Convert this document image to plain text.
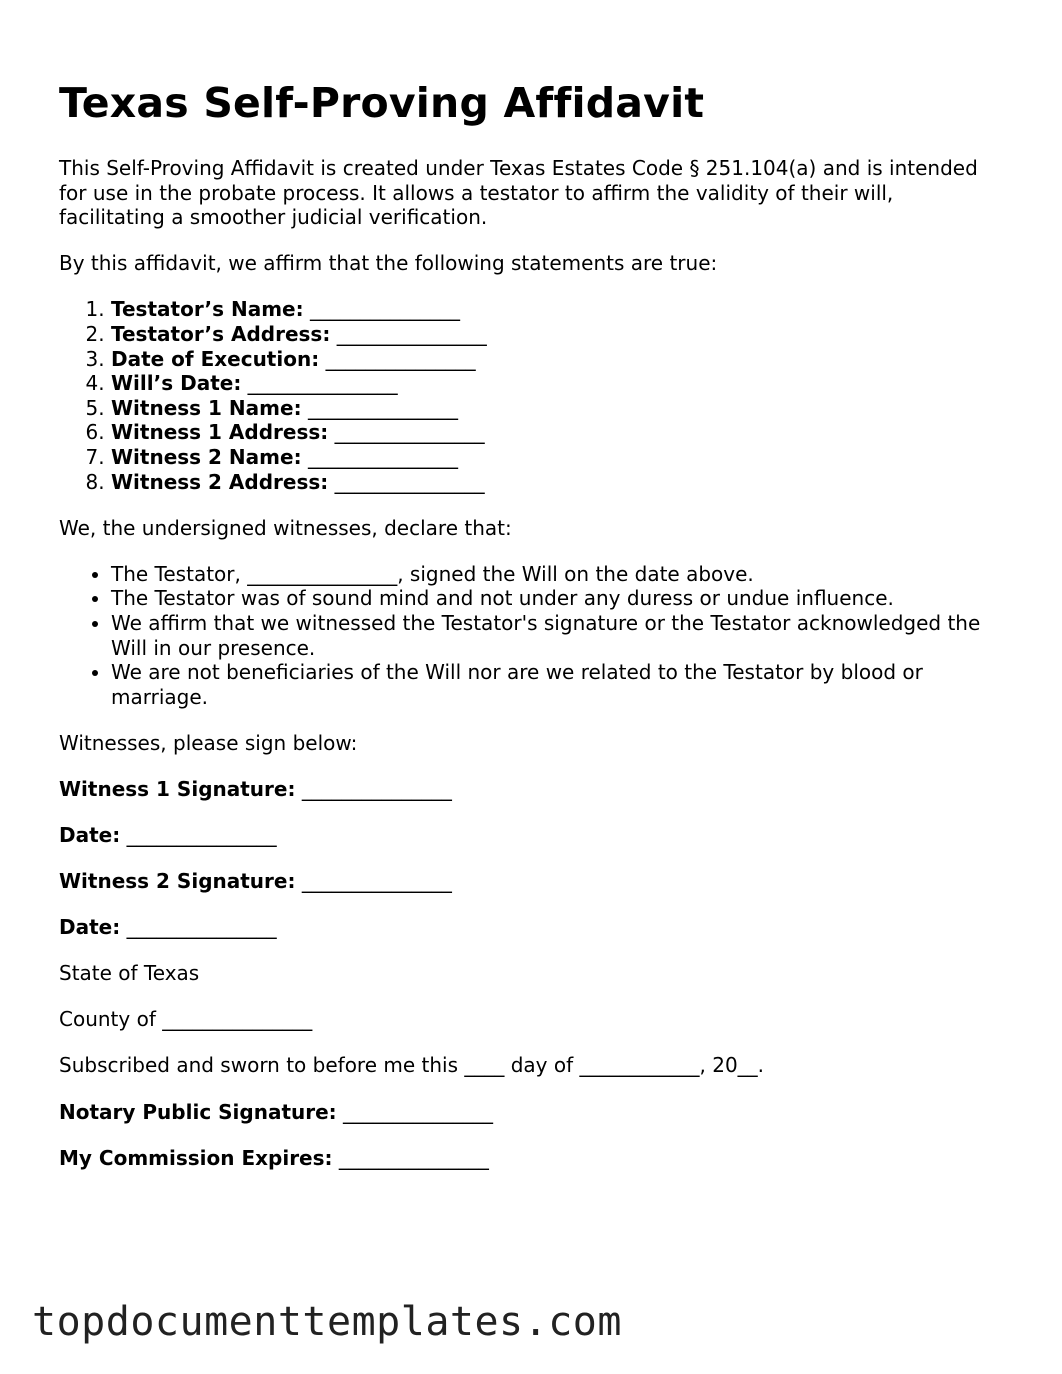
Texas Self-Proving Affidavit

This Self-Proving Affidavit is created under Texas Estates Code § 251.104(a) and is intended for use in the probate process. It allows a testator to affirm the validity of their will, facilitating a smoother judicial verification.

By this affidavit, we affirm that the following statements are true:

1. Testator’s Name: _______________
2. Testator’s Address: _______________
3. Date of Execution: _______________
4. Will’s Date: _______________
5. Witness 1 Name: _______________
6. Witness 1 Address: _______________
7. Witness 2 Name: _______________
8. Witness 2 Address: _______________

We, the undersigned witnesses, declare that:

• The Testator, _______________, signed the Will on the date above.
• The Testator was of sound mind and not under any duress or undue influence.
• We affirm that we witnessed the Testator's signature or the Testator acknowledged the Will in our presence.
• We are not beneficiaries of the Will nor are we related to the Testator by blood or marriage.

Witnesses, please sign below:

Witness 1 Signature: _______________

Date: _______________

Witness 2 Signature: _______________

Date: _______________

State of Texas

County of _______________

Subscribed and sworn to before me this ____ day of ____________, 20__.

Notary Public Signature: _______________

My Commission Expires: _______________

topdocumenttemplates.com
